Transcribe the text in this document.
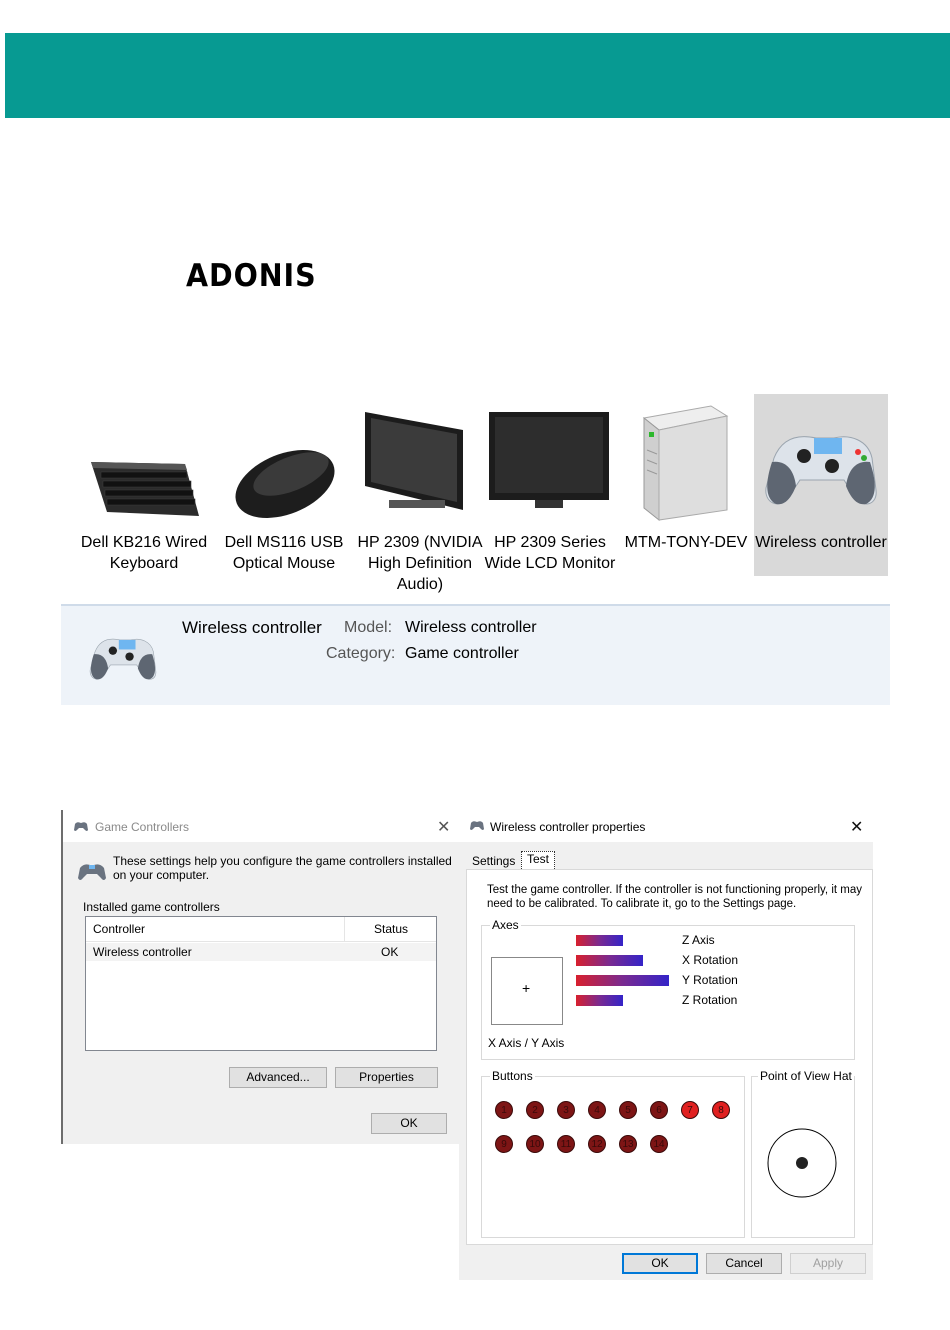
ADONIS
Dell KB216 Wired Keyboard
Dell MS116 USB Optical Mouse
HP 2309 (NVIDIA High Definition Audio)
HP 2309 Series Wide LCD Monitor
MTM-TONY-DEV Wireless controller
Wireless controller Model: Wireless controller
Category: Game controller
Game Controllers	✕
These settings help you configure the game controllers installed on your computer.
Installed game controllers
Controller	Status
Wireless controller	OK
Advanced...	Properties
OK
Wireless controller properties	✕
Settings Test
Test the game controller. If the controller is not functioning properly, it may
need to be calibrated. To calibrate it, go to the Settings page.
Axes
+
X Axis / Y Axis
Z Axis
X Rotation
Y Rotation
Z Rotation
Buttons
1	2	3	4	5	6	7	8
9	10	11	12	13	14
Point of View Hat
OK	Cancel	Apply
